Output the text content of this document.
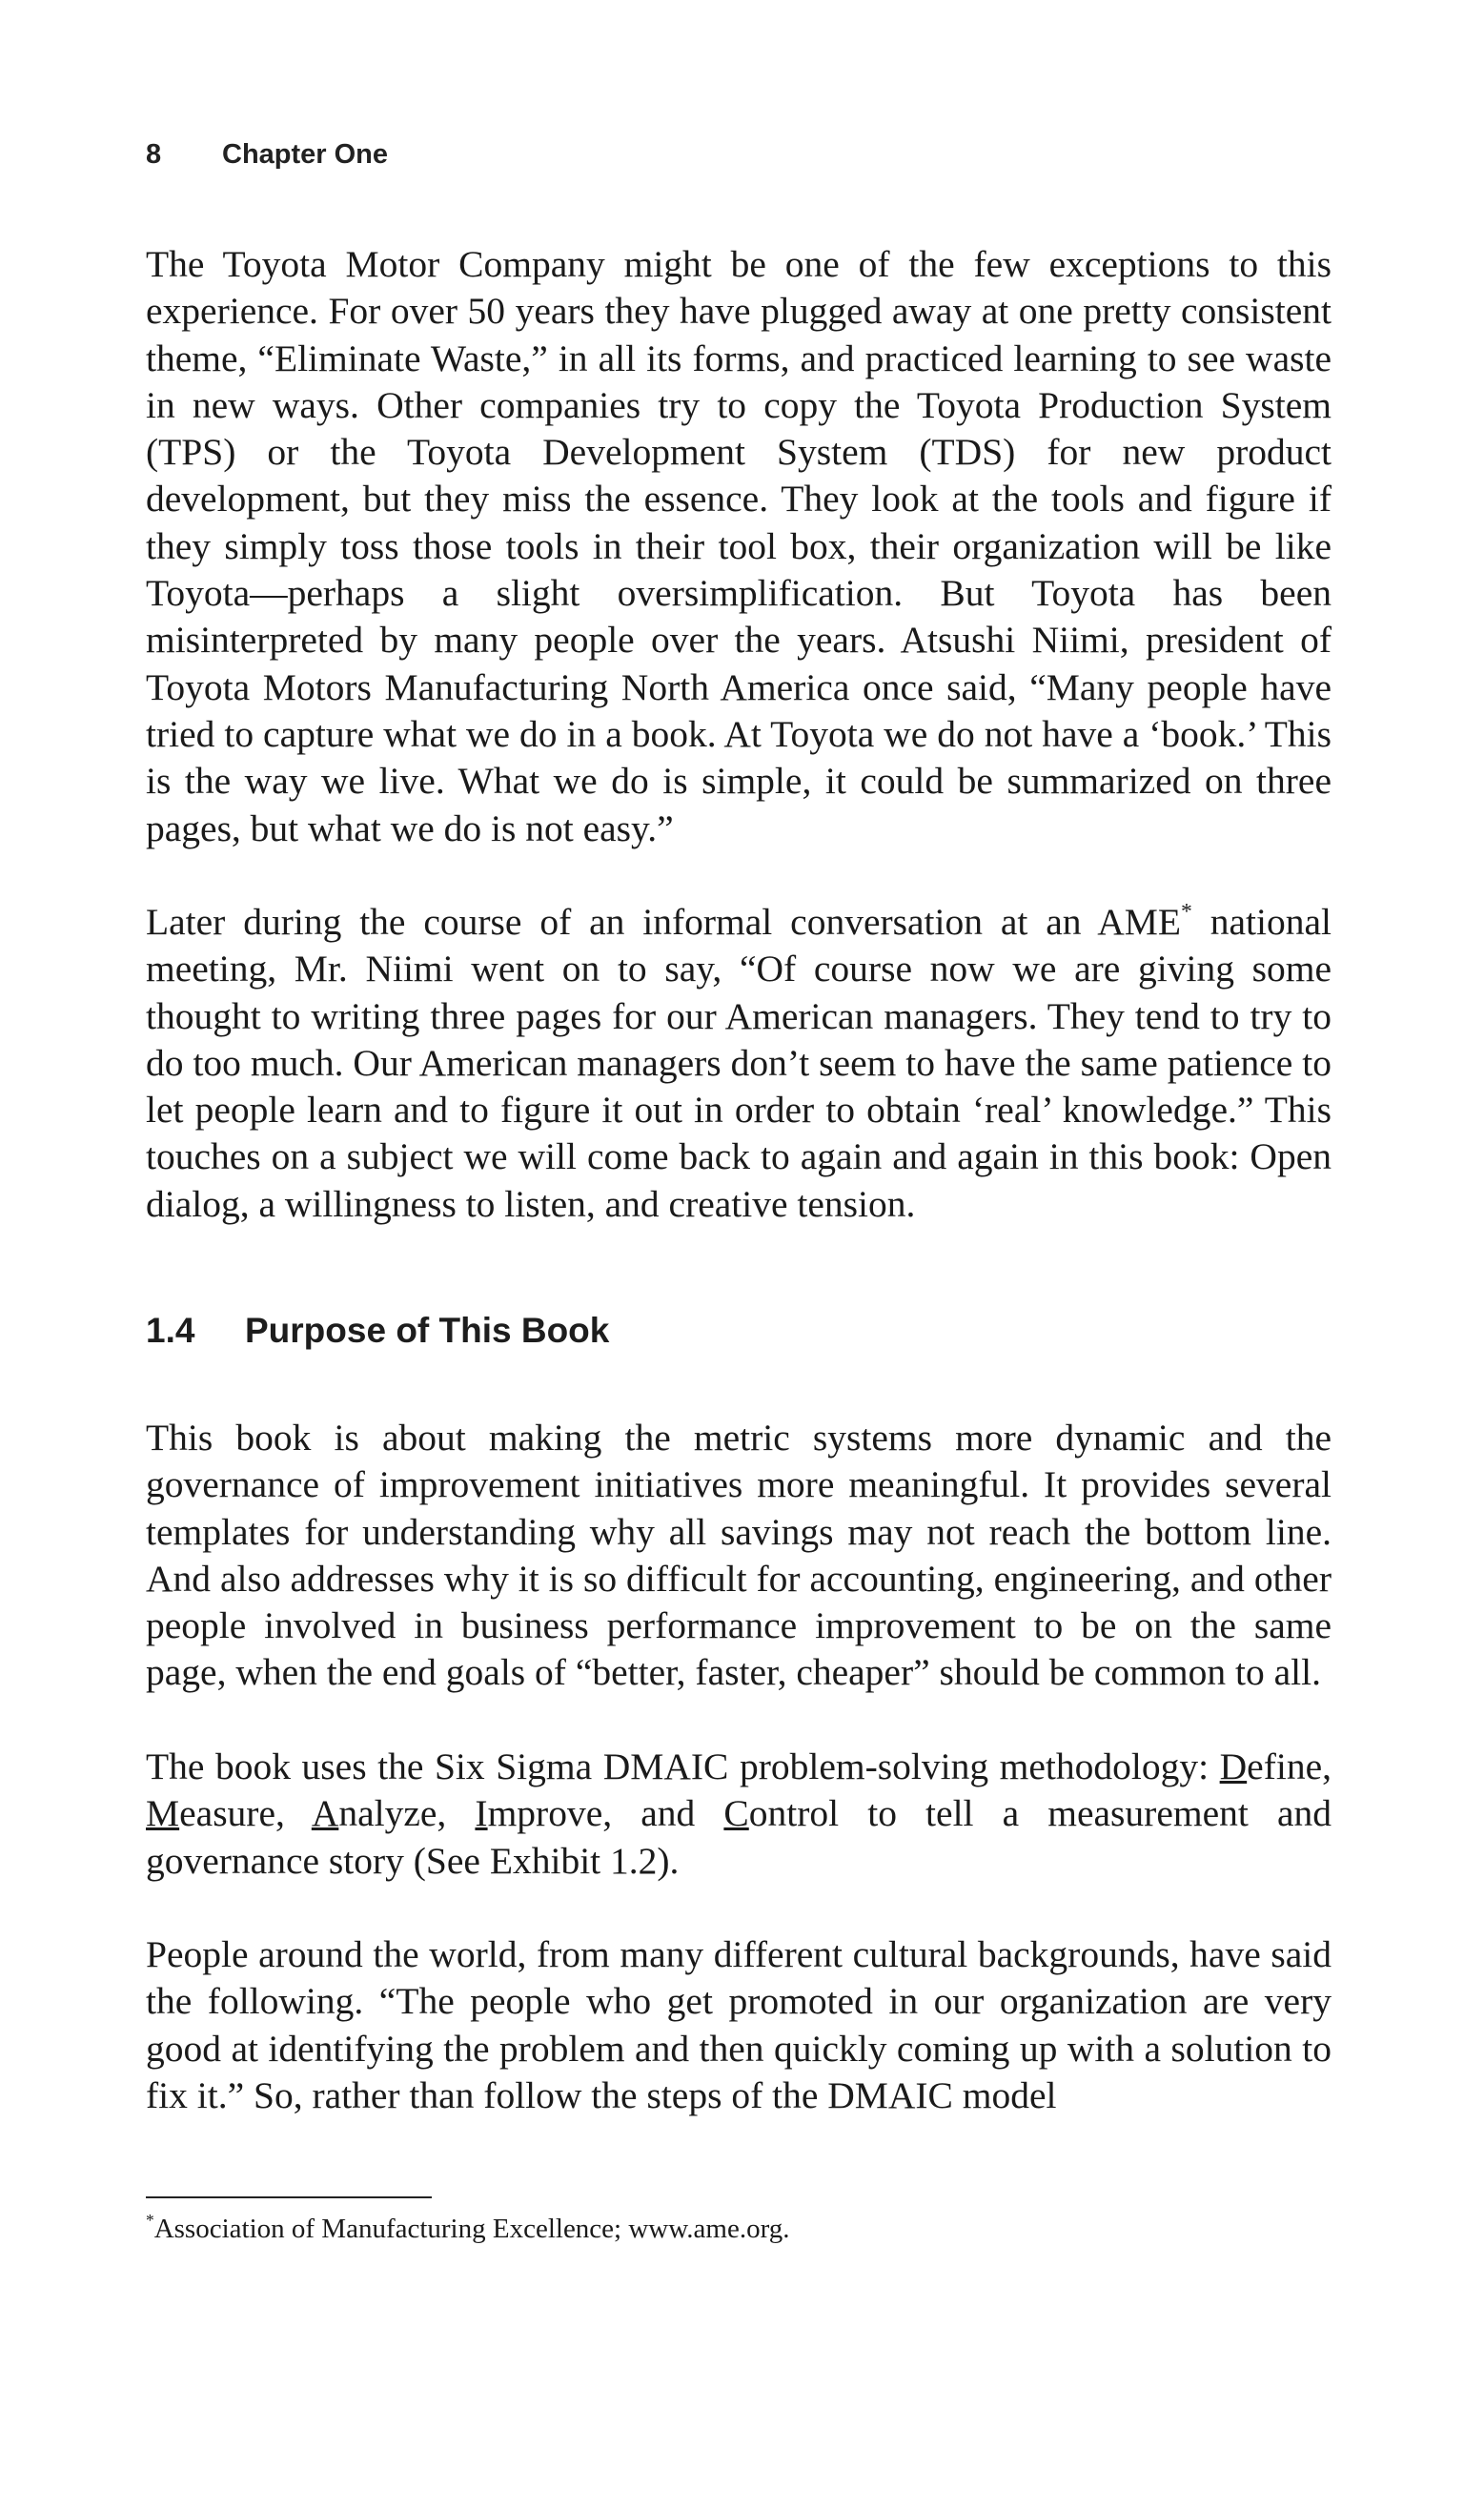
8 Chapter One

The Toyota Motor Company might be one of the few exceptions to this experience. For over 50 years they have plugged away at one pretty consistent theme, “Eliminate Waste,” in all its forms, and practiced learning to see waste in new ways. Other companies try to copy the Toyota Production System (TPS) or the Toyota Development System (TDS) for new product development, but they miss the essence. They look at the tools and figure if they simply toss those tools in their tool box, their organization will be like Toyota—perhaps a slight oversimplification. But Toyota has been misinterpreted by many people over the years. Atsushi Niimi, president of Toyota Motors Manufacturing North America once said, “Many people have tried to capture what we do in a book. At Toyota we do not have a ‘book.’ This is the way we live. What we do is simple, it could be summarized on three pages, but what we do is not easy.”

Later during the course of an informal conversation at an AME* national meeting, Mr. Niimi went on to say, “Of course now we are giving some thought to writing three pages for our American managers. They tend to try to do too much. Our American managers don’t seem to have the same patience to let people learn and to figure it out in order to obtain ‘real’ knowledge.” This touches on a subject we will come back to again and again in this book: Open dialog, a willingness to listen, and creative tension.

1.4 Purpose of This Book

This book is about making the metric systems more dynamic and the governance of improvement initiatives more meaningful. It provides several templates for understanding why all savings may not reach the bottom line. And also addresses why it is so difficult for accounting, engineering, and other people involved in business performance improvement to be on the same page, when the end goals of “better, faster, cheaper” should be common to all.

The book uses the Six Sigma DMAIC problem-solving methodology: Define, Measure, Analyze, Improve, and Control to tell a measurement and governance story (See Exhibit 1.2).

People around the world, from many different cultural backgrounds, have said the following. “The people who get promoted in our organization are very good at identifying the problem and then quickly coming up with a solution to fix it.” So, rather than follow the steps of the DMAIC model

*Association of Manufacturing Excellence; www.ame.org.
